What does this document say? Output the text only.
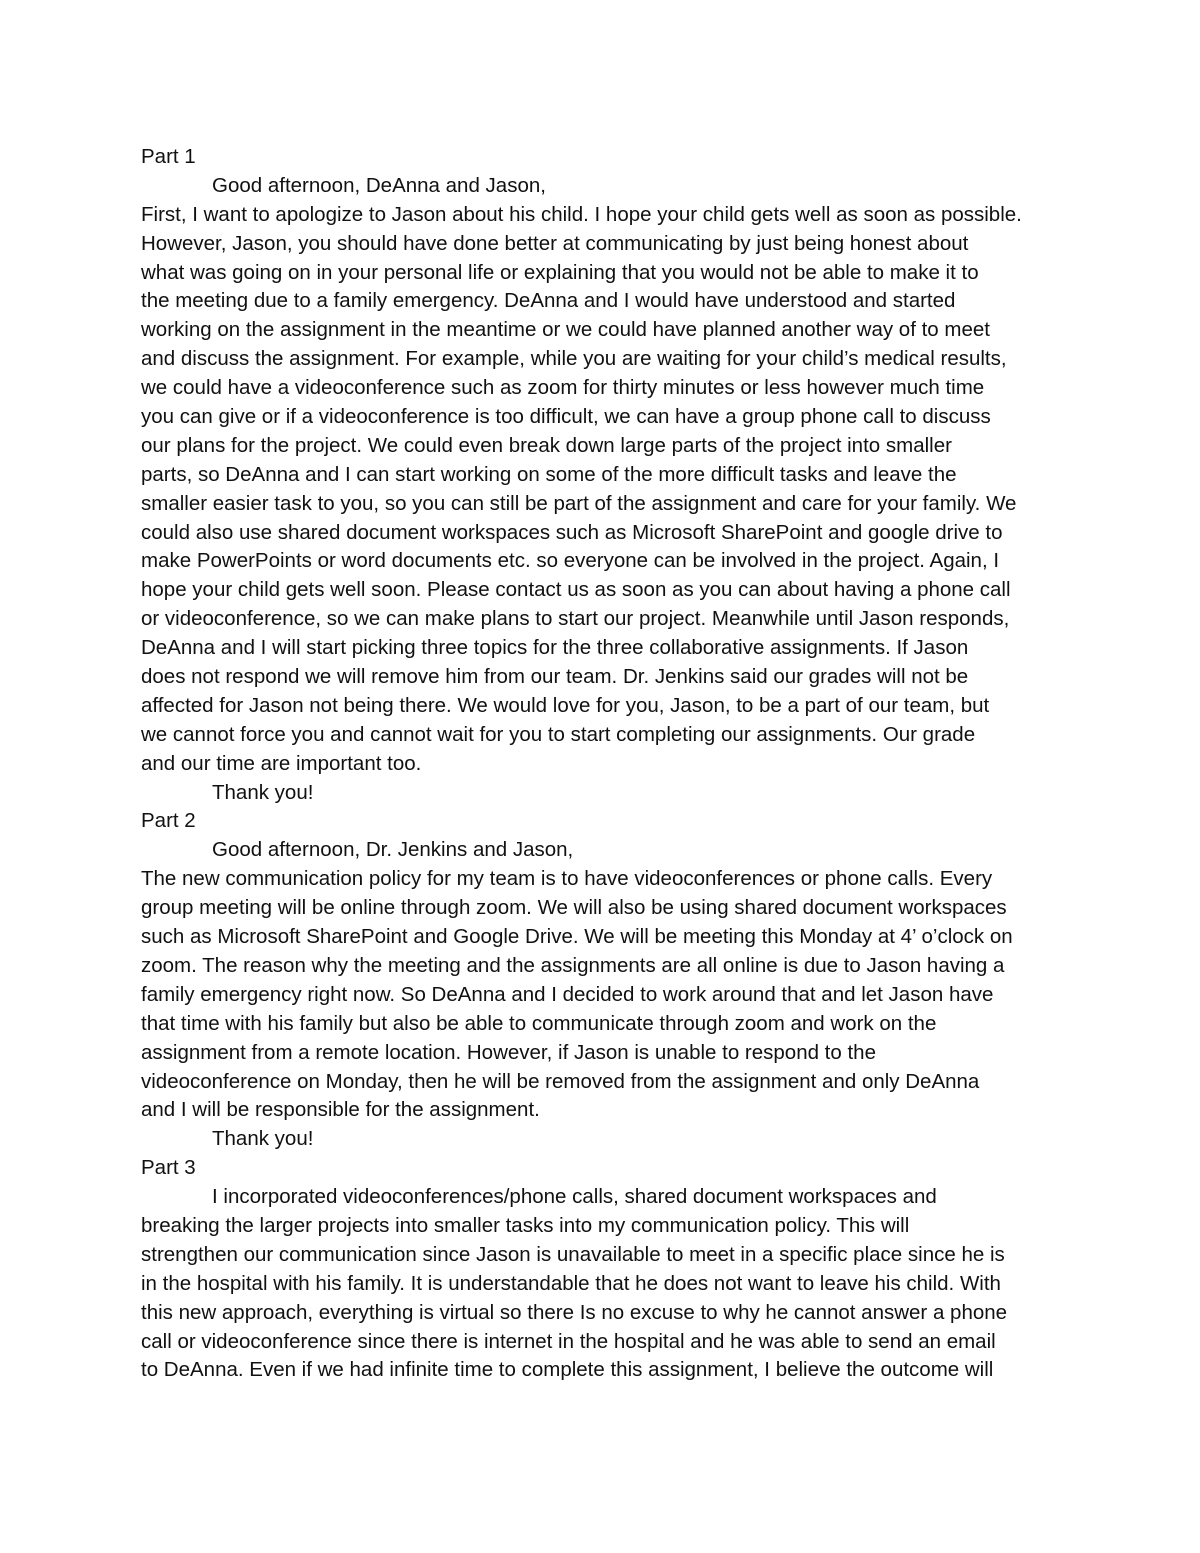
Part 1
Good afternoon, DeAnna and Jason,
First, I want to apologize to Jason about his child. I hope your child gets well as soon as possible.
However, Jason, you should have done better at communicating by just being honest about
what was going on in your personal life or explaining that you would not be able to make it to
the meeting due to a family emergency. DeAnna and I would have understood and started
working on the assignment in the meantime or we could have planned another way of to meet
and discuss the assignment. For example, while you are waiting for your child’s medical results,
we could have a videoconference such as zoom for thirty minutes or less however much time
you can give or if a videoconference is too difficult, we can have a group phone call to discuss
our plans for the project. We could even break down large parts of the project into smaller
parts, so DeAnna and I can start working on some of the more difficult tasks and leave the
smaller easier task to you, so you can still be part of the assignment and care for your family. We
could also use shared document workspaces such as Microsoft SharePoint and google drive to
make PowerPoints or word documents etc. so everyone can be involved in the project. Again, I
hope your child gets well soon. Please contact us as soon as you can about having a phone call
or videoconference, so we can make plans to start our project. Meanwhile until Jason responds,
DeAnna and I will start picking three topics for the three collaborative assignments. If Jason
does not respond we will remove him from our team. Dr. Jenkins said our grades will not be
affected for Jason not being there. We would love for you, Jason, to be a part of our team, but
we cannot force you and cannot wait for you to start completing our assignments. Our grade
and our time are important too.
Thank you!
Part 2
Good afternoon, Dr. Jenkins and Jason,
The new communication policy for my team is to have videoconferences or phone calls. Every
group meeting will be online through zoom. We will also be using shared document workspaces
such as Microsoft SharePoint and Google Drive. We will be meeting this Monday at 4’ o’clock on
zoom. The reason why the meeting and the assignments are all online is due to Jason having a
family emergency right now. So DeAnna and I decided to work around that and let Jason have
that time with his family but also be able to communicate through zoom and work on the
assignment from a remote location. However, if Jason is unable to respond to the
videoconference on Monday, then he will be removed from the assignment and only DeAnna
and I will be responsible for the assignment.
Thank you!
Part 3
I incorporated videoconferences/phone calls, shared document workspaces and
breaking the larger projects into smaller tasks into my communication policy. This will
strengthen our communication since Jason is unavailable to meet in a specific place since he is
in the hospital with his family. It is understandable that he does not want to leave his child. With
this new approach, everything is virtual so there Is no excuse to why he cannot answer a phone
call or videoconference since there is internet in the hospital and he was able to send an email
to DeAnna. Even if we had infinite time to complete this assignment, I believe the outcome will
